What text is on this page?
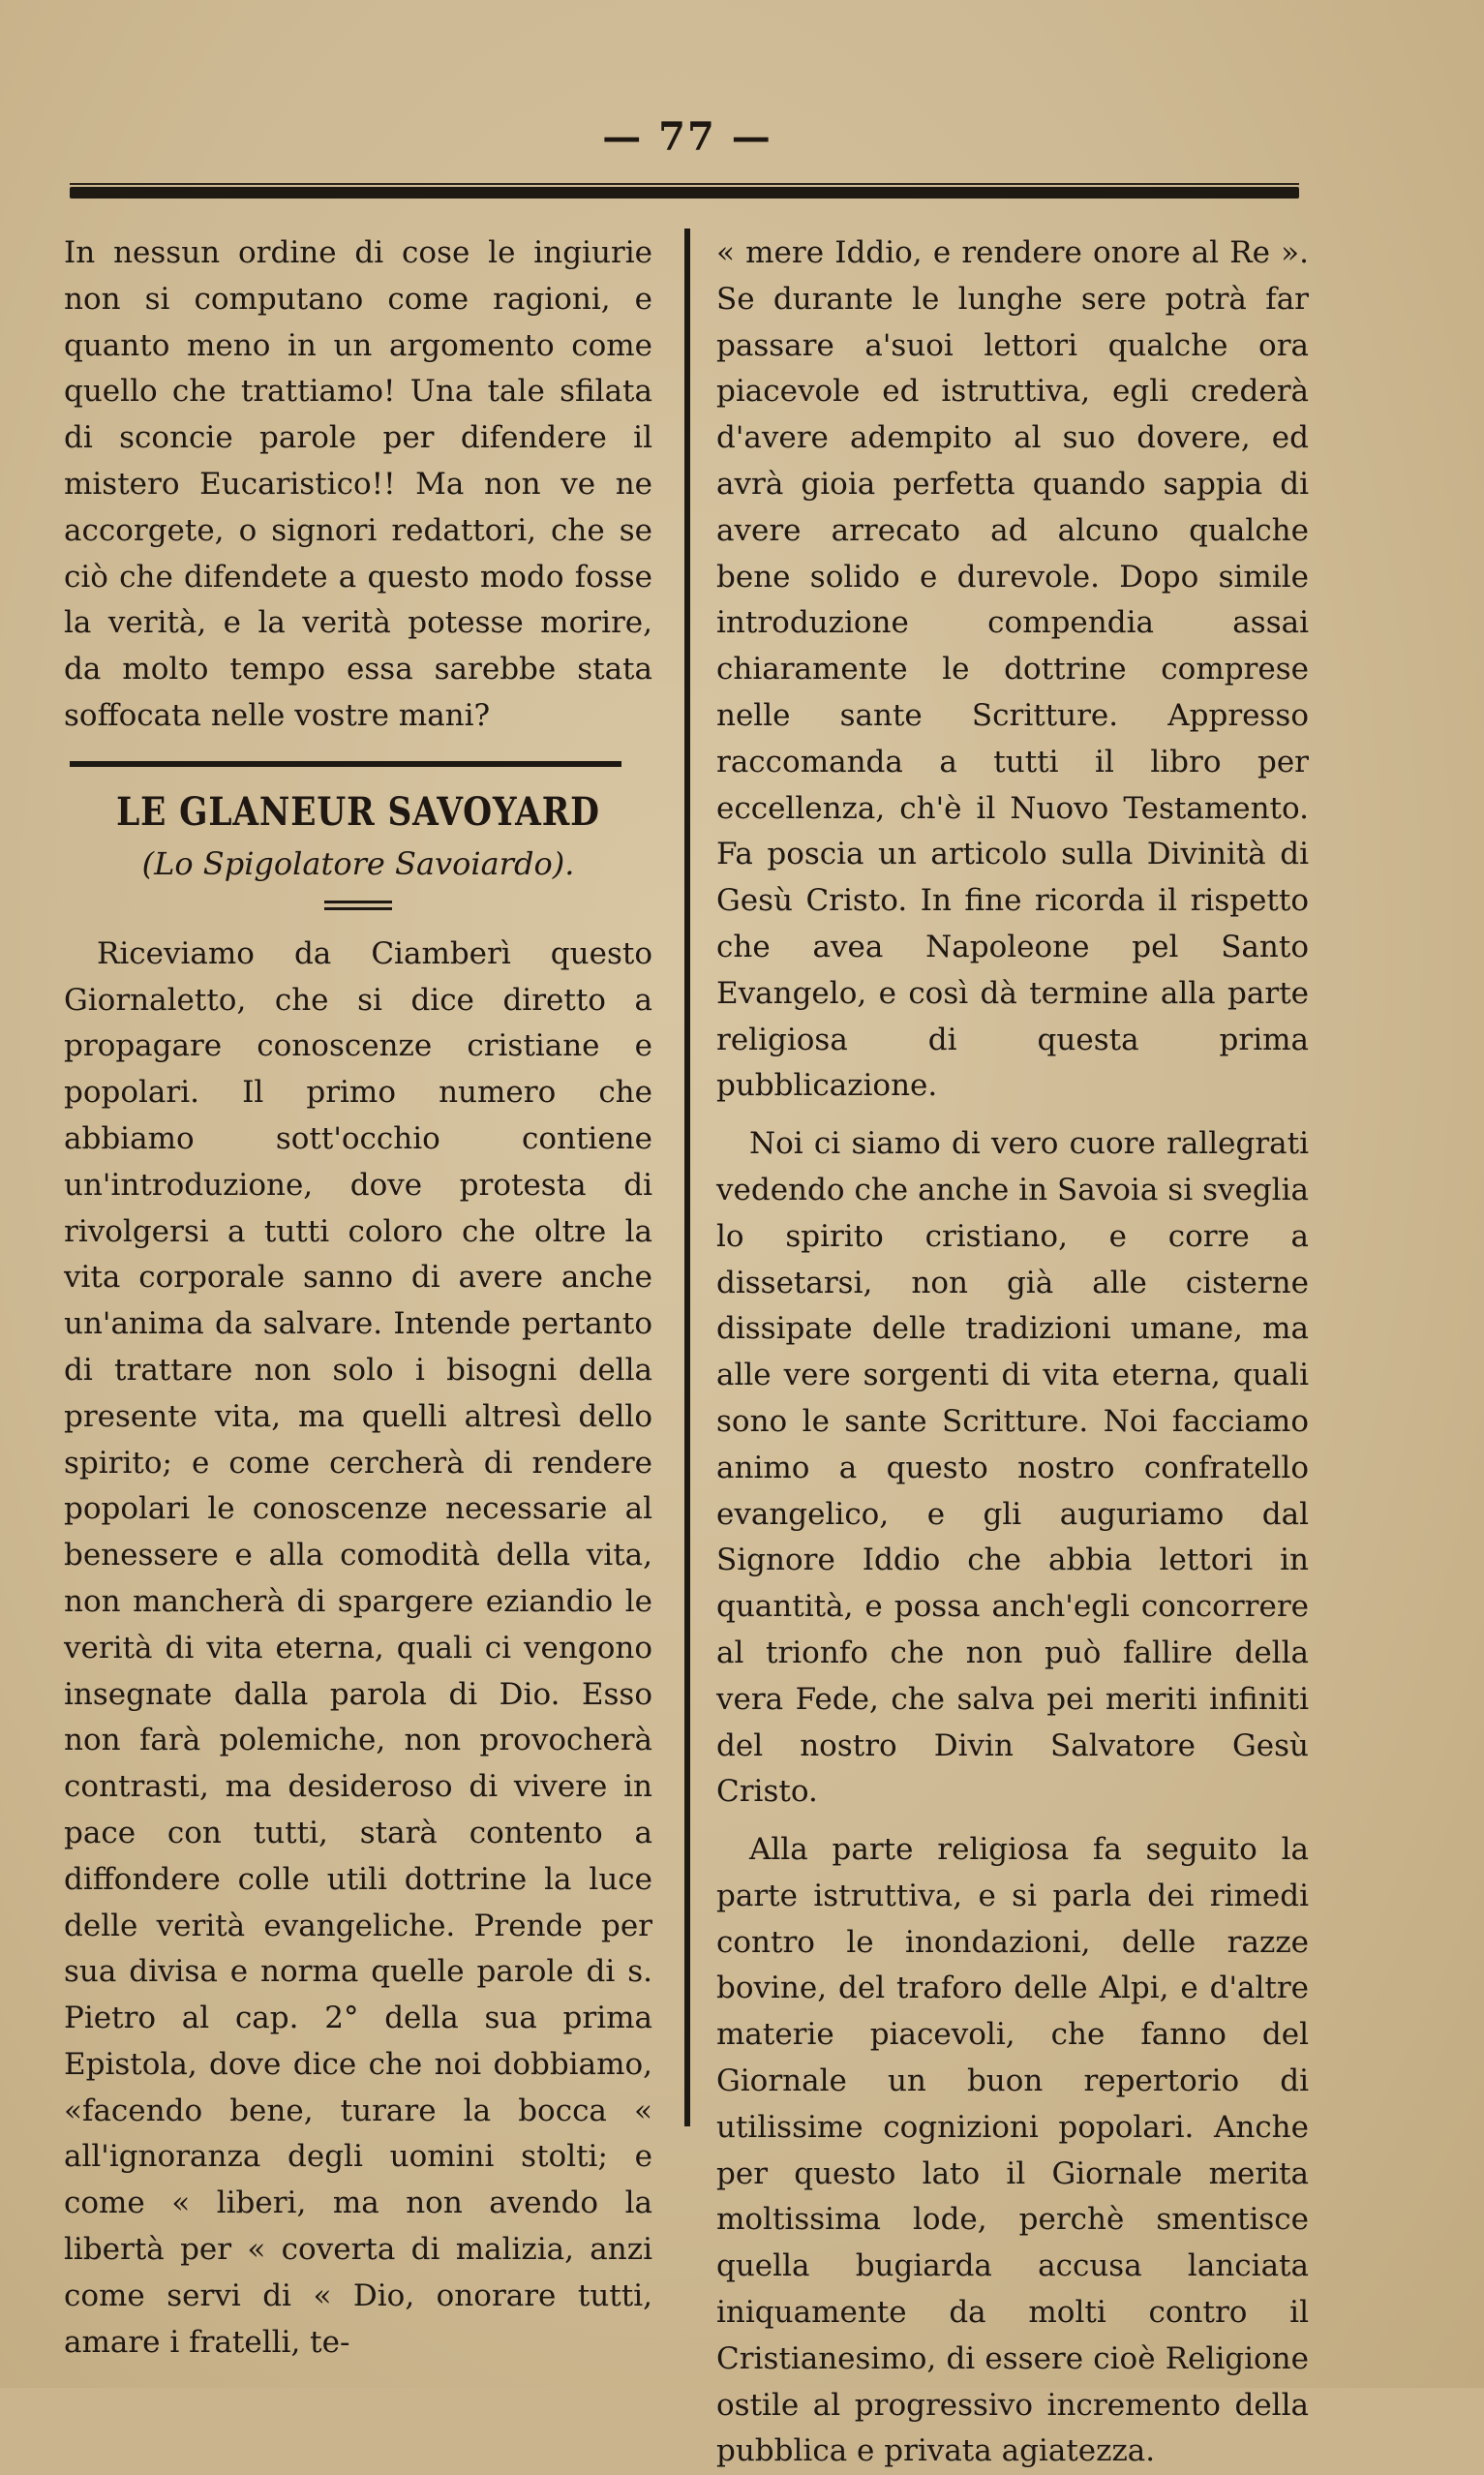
— 77 —

In nessun ordine di cose le ingiurie non si computano come ragioni, e quanto meno in un argomento come quello che trattiamo! Una tale sfilata di sconcie parole per difendere il mistero Eucaristico!! Ma non ve ne accorgete, o signori redattori, che se ciò che difendete a questo modo fosse la verità, e la verità potesse morire, da molto tempo essa sarebbe stata soffocata nelle vostre mani?

LE GLANEUR SAVOYARD
(Lo Spigolatore Savoiardo).

Riceviamo da Ciamberì questo Giornaletto, che si dice diretto a propagare conoscenze cristiane e popolari. Il primo numero che abbiamo sott'occhio contiene un'introduzione, dove protesta di rivolgersi a tutti coloro che oltre la vita corporale sanno di avere anche un'anima da salvare. Intende pertanto di trattare non solo i bisogni della presente vita, ma quelli altresì dello spirito; e come cercherà di rendere popolari le conoscenze necessarie al benessere e alla comodità della vita, non mancherà di spargere eziandio le verità di vita eterna, quali ci vengono insegnate dalla parola di Dio. Esso non farà polemiche, non provocherà contrasti, ma desideroso di vivere in pace con tutti, starà contento a diffondere colle utili dottrine la luce delle verità evangeliche. Prende per sua divisa e norma quelle parole di s. Pietro al cap. 2° della sua prima Epistola, dove dice che noi dobbiamo, «facendo bene, turare la bocca « all'ignoranza degli uomini stolti; e come « liberi, ma non avendo la libertà per « coverta di malizia, anzi come servi di « Dio, onorare tutti, amare i fratelli, te-

« mere Iddio, e rendere onore al Re ». Se durante le lunghe sere potrà far passare a'suoi lettori qualche ora piacevole ed istruttiva, egli crederà d'avere adempito al suo dovere, ed avrà gioia perfetta quando sappia di avere arrecato ad alcuno qualche bene solido e durevole. Dopo simile introduzione compendia assai chiaramente le dottrine comprese nelle sante Scritture. Appresso raccomanda a tutti il libro per eccellenza, ch'è il Nuovo Testamento. Fa poscia un articolo sulla Divinità di Gesù Cristo. In fine ricorda il rispetto che avea Napoleone pel Santo Evangelo, e così dà termine alla parte religiosa di questa prima pubblicazione.

Noi ci siamo di vero cuore rallegrati vedendo che anche in Savoia si sveglia lo spirito cristiano, e corre a dissetarsi, non già alle cisterne dissipate delle tradizioni umane, ma alle vere sorgenti di vita eterna, quali sono le sante Scritture. Noi facciamo animo a questo nostro confratello evangelico, e gli auguriamo dal Signore Iddio che abbia lettori in quantità, e possa anch'egli concorrere al trionfo che non può fallire della vera Fede, che salva pei meriti infiniti del nostro Divin Salvatore Gesù Cristo.

Alla parte religiosa fa seguito la parte istruttiva, e si parla dei rimedi contro le inondazioni, delle razze bovine, del traforo delle Alpi, e d'altre materie piacevoli, che fanno del Giornale un buon repertorio di utilissime cognizioni popolari. Anche per questo lato il Giornale merita moltissima lode, perchè smentisce quella bugiarda accusa lanciata iniquamente da molti contro il Cristianesimo, di essere cioè Religione ostile al progressivo incremento della pubblica e privata agiatezza.
